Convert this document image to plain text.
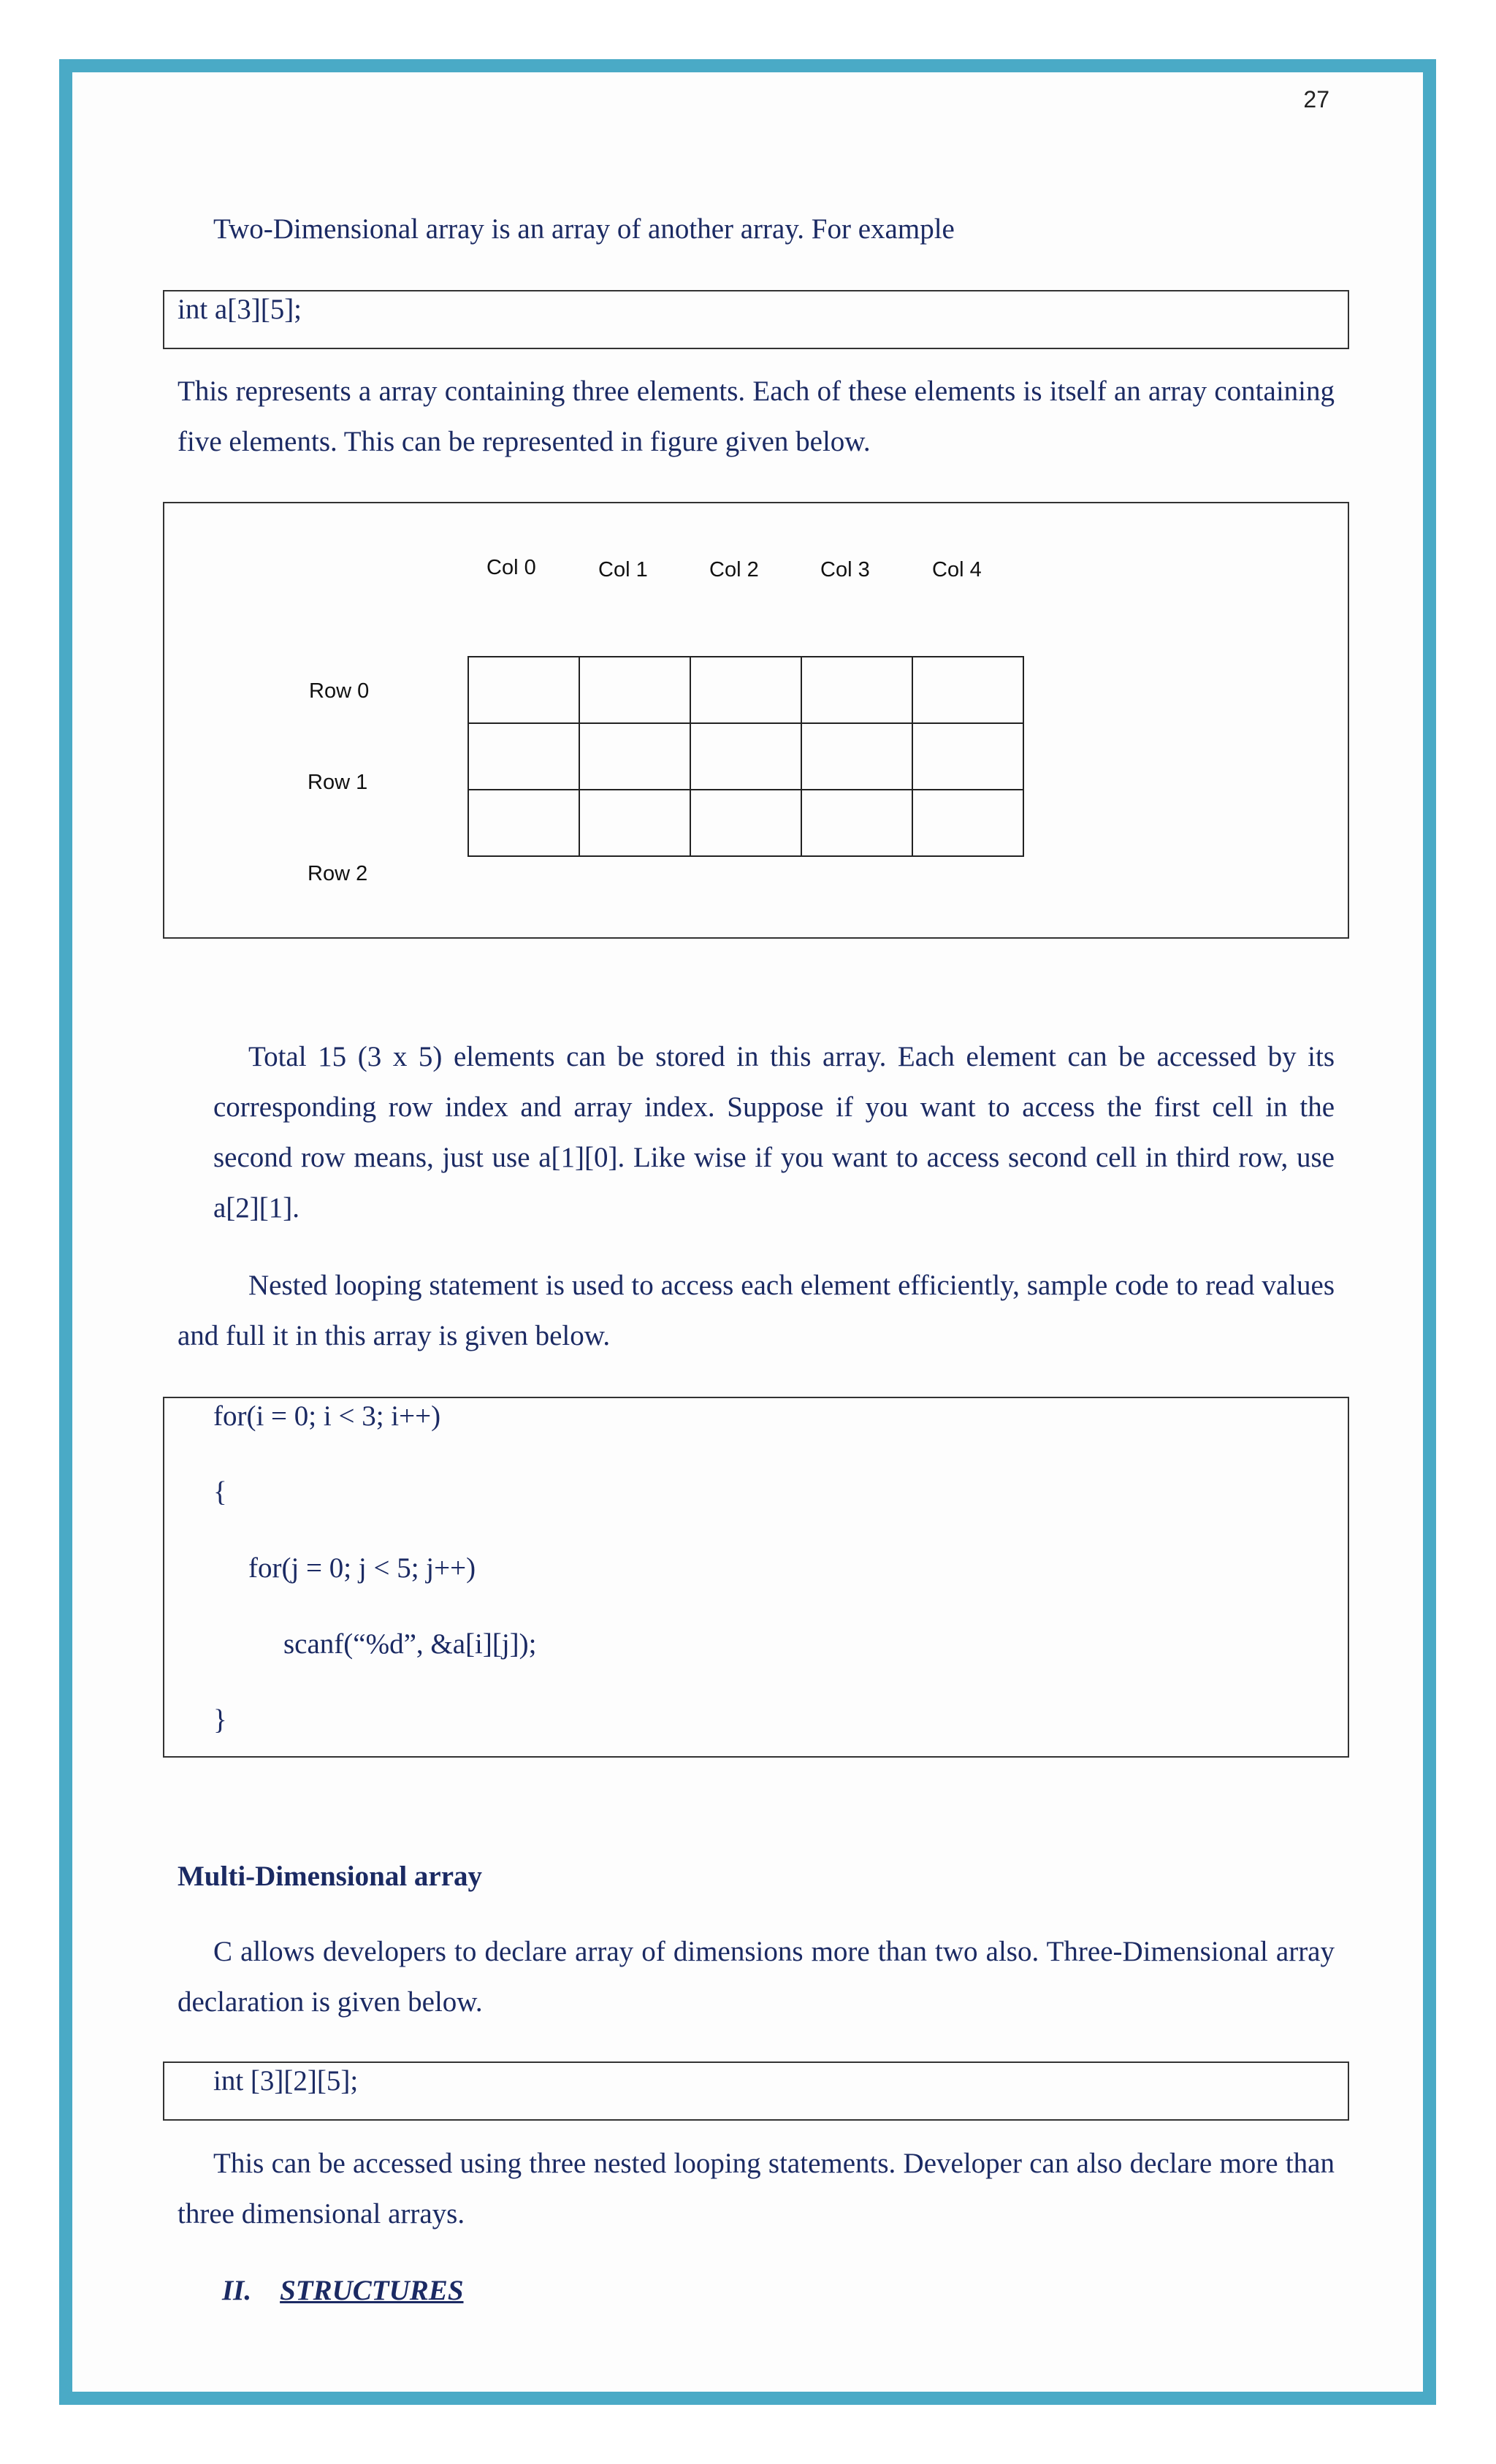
27
Two-Dimensional array is an array of another array. For example
int a[3][5];
This represents a array containing three elements. Each of these elements is itself an array containing five elements. This can be represented in figure given below.
Col 0	Col 1	Col 2	Col 3	Col 4
Row 0
Row 1
Row 2
Total 15 (3 x 5) elements can be stored in this array. Each element can be accessed by its corresponding row index and array index. Suppose if you want to access the first cell in the second row means, just use a[1][0]. Like wise if you want to access second cell in third row, use a[2][1].
Nested looping statement is used to access each element efficiently, sample code to read values and full it in this array is given below.
for(i = 0; i < 3; i++)
{
for(j = 0; j < 5; j++)
scanf(“%d”, &a[i][j]);
}
Multi-Dimensional array
C allows developers to declare array of dimensions more than two also. Three-Dimensional array declaration is given below.
int [3][2][5];
This can be accessed using three nested looping statements. Developer can also declare more than three dimensional arrays.
II. STRUCTURES
